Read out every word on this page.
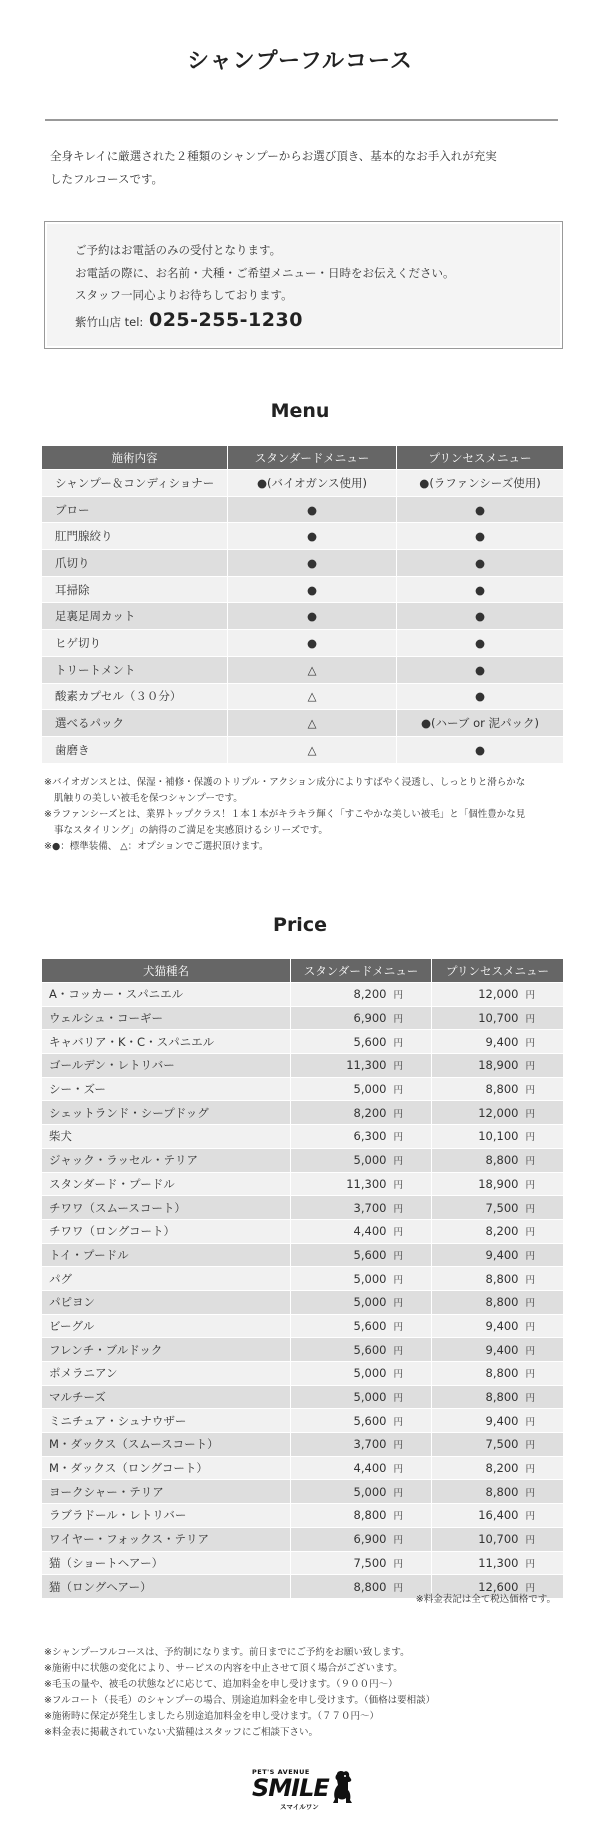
シャンプーフルコース
全身キレイに厳選された２種類のシャンプーからお選び頂き、基本的なお手入れが充実
したフルコースです。
ご予約はお電話のみの受付となります。
お電話の際に、お名前・犬種・ご希望メニュー・日時をお伝えください。
スタッフ一同心よりお待ちしております。
紫竹山店 tel: 025-255-1230
Menu
施術内容	スタンダードメニュー	プリンセスメニュー
シャンプー＆コンディショナー	●(バイオガンス使用)	●(ラファンシーズ使用)
ブロー	●	●
肛門腺絞り	●	●
爪切り	●	●
耳掃除	●	●
足裏足周カット	●	●
ヒゲ切り	●	●
トリートメント	△	●
酸素カプセル（３０分）	△	●
選べるパック	△	●(ハーブ or 泥パック)
歯磨き	△	●
※バイオガンスとは、保湿・補修・保護のトリプル・アクション成分によりすばやく浸透し、しっとりと滑らかな
肌触りの美しい被毛を保つシャンプーです。
※ラファンシーズとは、業界トップクラス！１本１本がキラキラ輝く「すこやかな美しい被毛」と「個性豊かな見
事なスタイリング」の納得のご満足を実感頂けるシリーズです。
※●：標準装備、 △：オプションでご選択頂けます。
Price
犬猫種名	スタンダードメニュー	プリンセスメニュー
A・コッカー・スパニエル	8,200 円	12,000 円
ウェルシュ・コーギー	6,900 円	10,700 円
キャバリア・K・C・スパニエル	5,600 円	9,400 円
ゴールデン・レトリバー	11,300 円	18,900 円
シー・ズー	5,000 円	8,800 円
シェットランド・シープドッグ	8,200 円	12,000 円
柴犬	6,300 円	10,100 円
ジャック・ラッセル・テリア	5,000 円	8,800 円
スタンダード・プードル	11,300 円	18,900 円
チワワ（スムースコート）	3,700 円	7,500 円
チワワ（ロングコート）	4,400 円	8,200 円
トイ・プードル	5,600 円	9,400 円
パグ	5,000 円	8,800 円
パピヨン	5,000 円	8,800 円
ビーグル	5,600 円	9,400 円
フレンチ・ブルドック	5,600 円	9,400 円
ポメラニアン	5,000 円	8,800 円
マルチーズ	5,000 円	8,800 円
ミニチュア・シュナウザー	5,600 円	9,400 円
M・ダックス（スムースコート）	3,700 円	7,500 円
M・ダックス（ロングコート）	4,400 円	8,200 円
ヨークシャー・テリア	5,000 円	8,800 円
ラブラドール・レトリバー	8,800 円	16,400 円
ワイヤー・フォックス・テリア	6,900 円	10,700 円
猫（ショートヘアー）	7,500 円	11,300 円
猫（ロングヘアー）	8,800 円	12,600 円
※料金表記は全て税込価格です。
※シャンプーフルコースは、予約制になります。前日までにご予約をお願い致します。
※施術中に状態の変化により、サービスの内容を中止させて頂く場合がございます。
※毛玉の量や、被毛の状態などに応じて、追加料金を申し受けます。（９００円〜）
※フルコート（長毛）のシャンプーの場合、別途追加料金を申し受けます。（価格は要相談）
※施術時に保定が発生しましたら別途追加料金を申し受けます。（７７０円〜）
※料金表に掲載されていない犬猫種はスタッフにご相談下さい。
PET'S AVENUE
SMILE
スマイルワン
